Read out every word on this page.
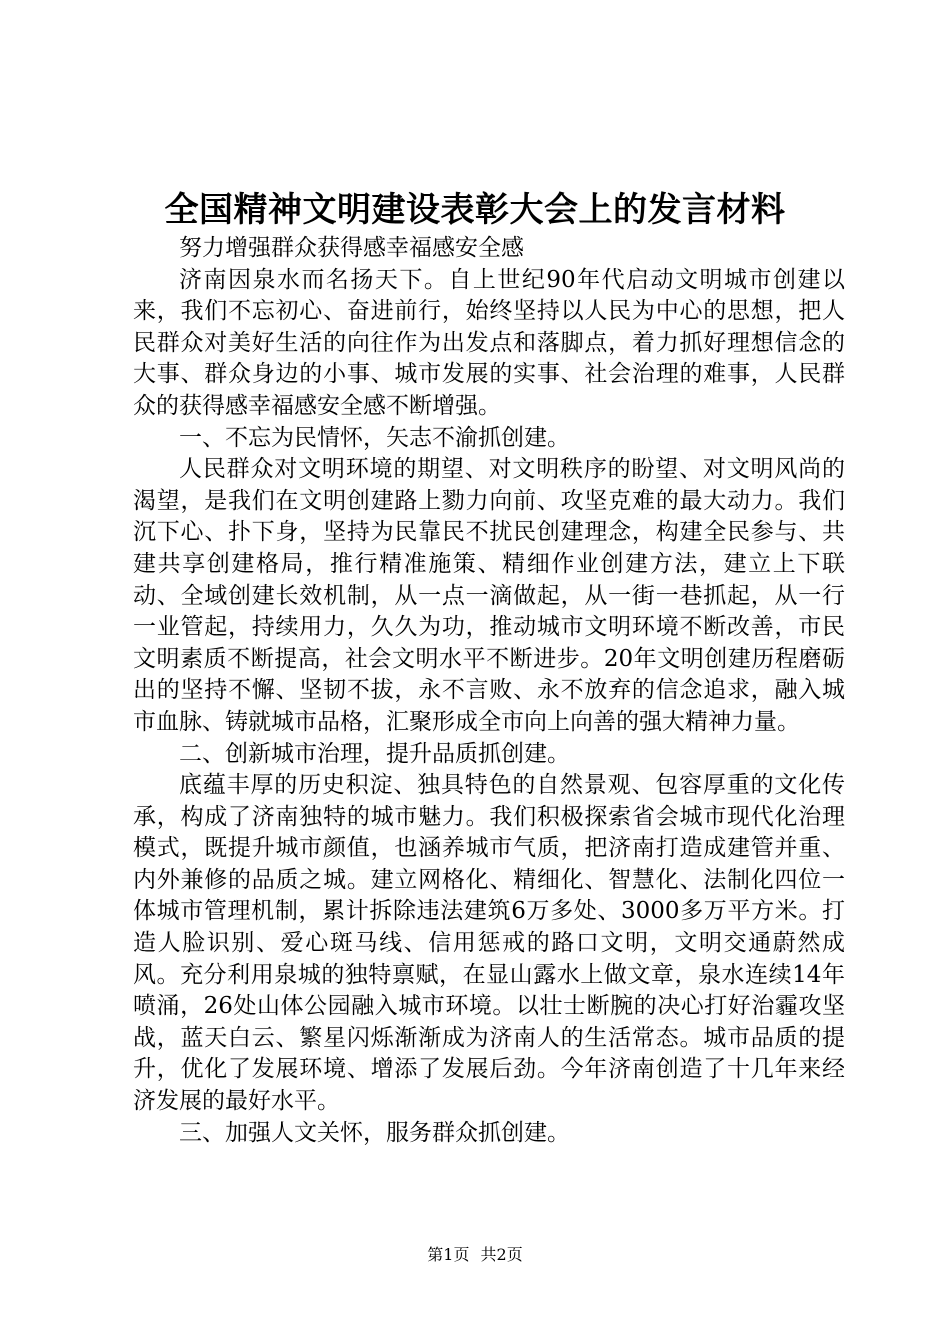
全国精神文明建设表彰大会上的发言材料

努力增强群众获得感幸福感安全感

济南因泉水而名扬天下。自上世纪90年代启动文明城市创建以来，我们不忘初心、奋进前行，始终坚持以人民为中心的思想，把人民群众对美好生活的向往作为出发点和落脚点，着力抓好理想信念的大事、群众身边的小事、城市发展的实事、社会治理的难事，人民群众的获得感幸福感安全感不断增强。

一、不忘为民情怀，矢志不渝抓创建。

人民群众对文明环境的期望、对文明秩序的盼望、对文明风尚的渴望，是我们在文明创建路上勠力向前、攻坚克难的最大动力。我们沉下心、扑下身，坚持为民靠民不扰民创建理念，构建全民参与、共建共享创建格局，推行精准施策、精细作业创建方法，建立上下联动、全域创建长效机制，从一点一滴做起，从一街一巷抓起，从一行一业管起，持续用力，久久为功，推动城市文明环境不断改善，市民文明素质不断提高，社会文明水平不断进步。20年文明创建历程磨砺出的坚持不懈、坚韧不拔，永不言败、永不放弃的信念追求，融入城市血脉、铸就城市品格，汇聚形成全市向上向善的强大精神力量。

二、创新城市治理，提升品质抓创建。

底蕴丰厚的历史积淀、独具特色的自然景观、包容厚重的文化传承，构成了济南独特的城市魅力。我们积极探索省会城市现代化治理模式，既提升城市颜值，也涵养城市气质，把济南打造成建管并重、内外兼修的品质之城。建立网格化、精细化、智慧化、法制化四位一体城市管理机制，累计拆除违法建筑6万多处、3000多万平方米。打造人脸识别、爱心斑马线、信用惩戒的路口文明，文明交通蔚然成风。充分利用泉城的独特禀赋，在显山露水上做文章，泉水连续14年喷涌，26处山体公园融入城市环境。以壮士断腕的决心打好治霾攻坚战，蓝天白云、繁星闪烁渐渐成为济南人的生活常态。城市品质的提升，优化了发展环境、增添了发展后劲。今年济南创造了十几年来经济发展的最好水平。

三、加强人文关怀，服务群众抓创建。

第1页 共2页
